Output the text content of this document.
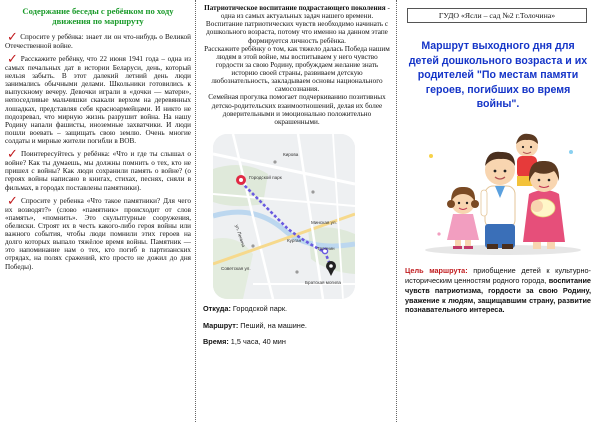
Содержание беседы с ребёнком по ходу движения по маршруту

✓ Спросите у ребёнка: знает ли он что-нибудь о Великой Отечественной войне.

✓ Расскажите ребёнку, что 22 июня 1941 года – одна из самых печальных дат в истории Беларуси, день, который нельзя забыть. В этот далекий летний день люди занимались обычными делами. Школьники готовились к выпускному вечеру. Девочки играли в «дочки — матери», непоседливые мальчишки скакали верхом на деревянных лошадках, представляя себя красноармейцами. И никто не подозревал, что мирную жизнь разрушит война. На нашу Родину напали фашисты, иноземные захватчики. И люди пошли воевать – защищать свою землю. Очень многие солдаты и мирные жители погибли в ВОВ.

✓ Поинтересуйтесь у ребёнка: «Что и где ты слышал о войне? Как ты думаешь, мы должны помнить о тех, кто не пришел с войны? Как люди сохранили память о войне? (о героях войны написано в книгах, стихах, песнях, сняли в фильмах, в городах поставлены памятники).

✓ Спросите у ребенка «Что такое памятники? Для чего их возводят?» (слово «памятник» происходит от слов «память», «помнить». Это скульптурные сооружения, обелиски. Строят их в честь какого-либо героя войны или важного события, чтобы люди помнили этих героев на долго которых выпало тяжёлое время войны. Памятник — это напоминание нам о тех, кто погиб в партизанских отрядах, на полях сражений, кто просто не дожил до дня Победы).

Патриотическое воспитание подрастающего поколения - одна из самых актуальных задач нашего времени. Воспитание патриотических чувств необходимо начинать с дошкольного возраста, потому что именно на данном этапе формируется личность ребёнка.

Расскажите ребёнку о том, как тяжело далась Победа нашим людям в этой войне, мы воспитываем у него чувство гордости за свою Родину, пробуждаем желание знать историю своей страны, развиваем детскую любознательность, закладываем основы национального самосознания.

Семейная прогулка помогает подчеркиванию позитивных детско-родительских взаимоотношений, делая их более доверительными и эмоционально положительно окрашенными.

Городской парк
Курган
Толочин
Братская могила
Минская ул.
ул. Ленина
Кирова
Советская ул.
Откуда: Городской парк.
Маршрут: Пеший, на машине.
Время: 1,5 часа, 40 мин
ГУДО «Ясли – сад №2 г.Толочина»
Маршрут выходного дня для детей дошкольного возраста и их родителей "По местам памяти героев, погибших во время войны".

Цель маршрута: приобщение детей к культурно-историческим ценностям родного города, воспитание чувств патриотизма, гордости за свою Родину, уважение к людям, защищавшим страну, развитие познавательного интереса.
